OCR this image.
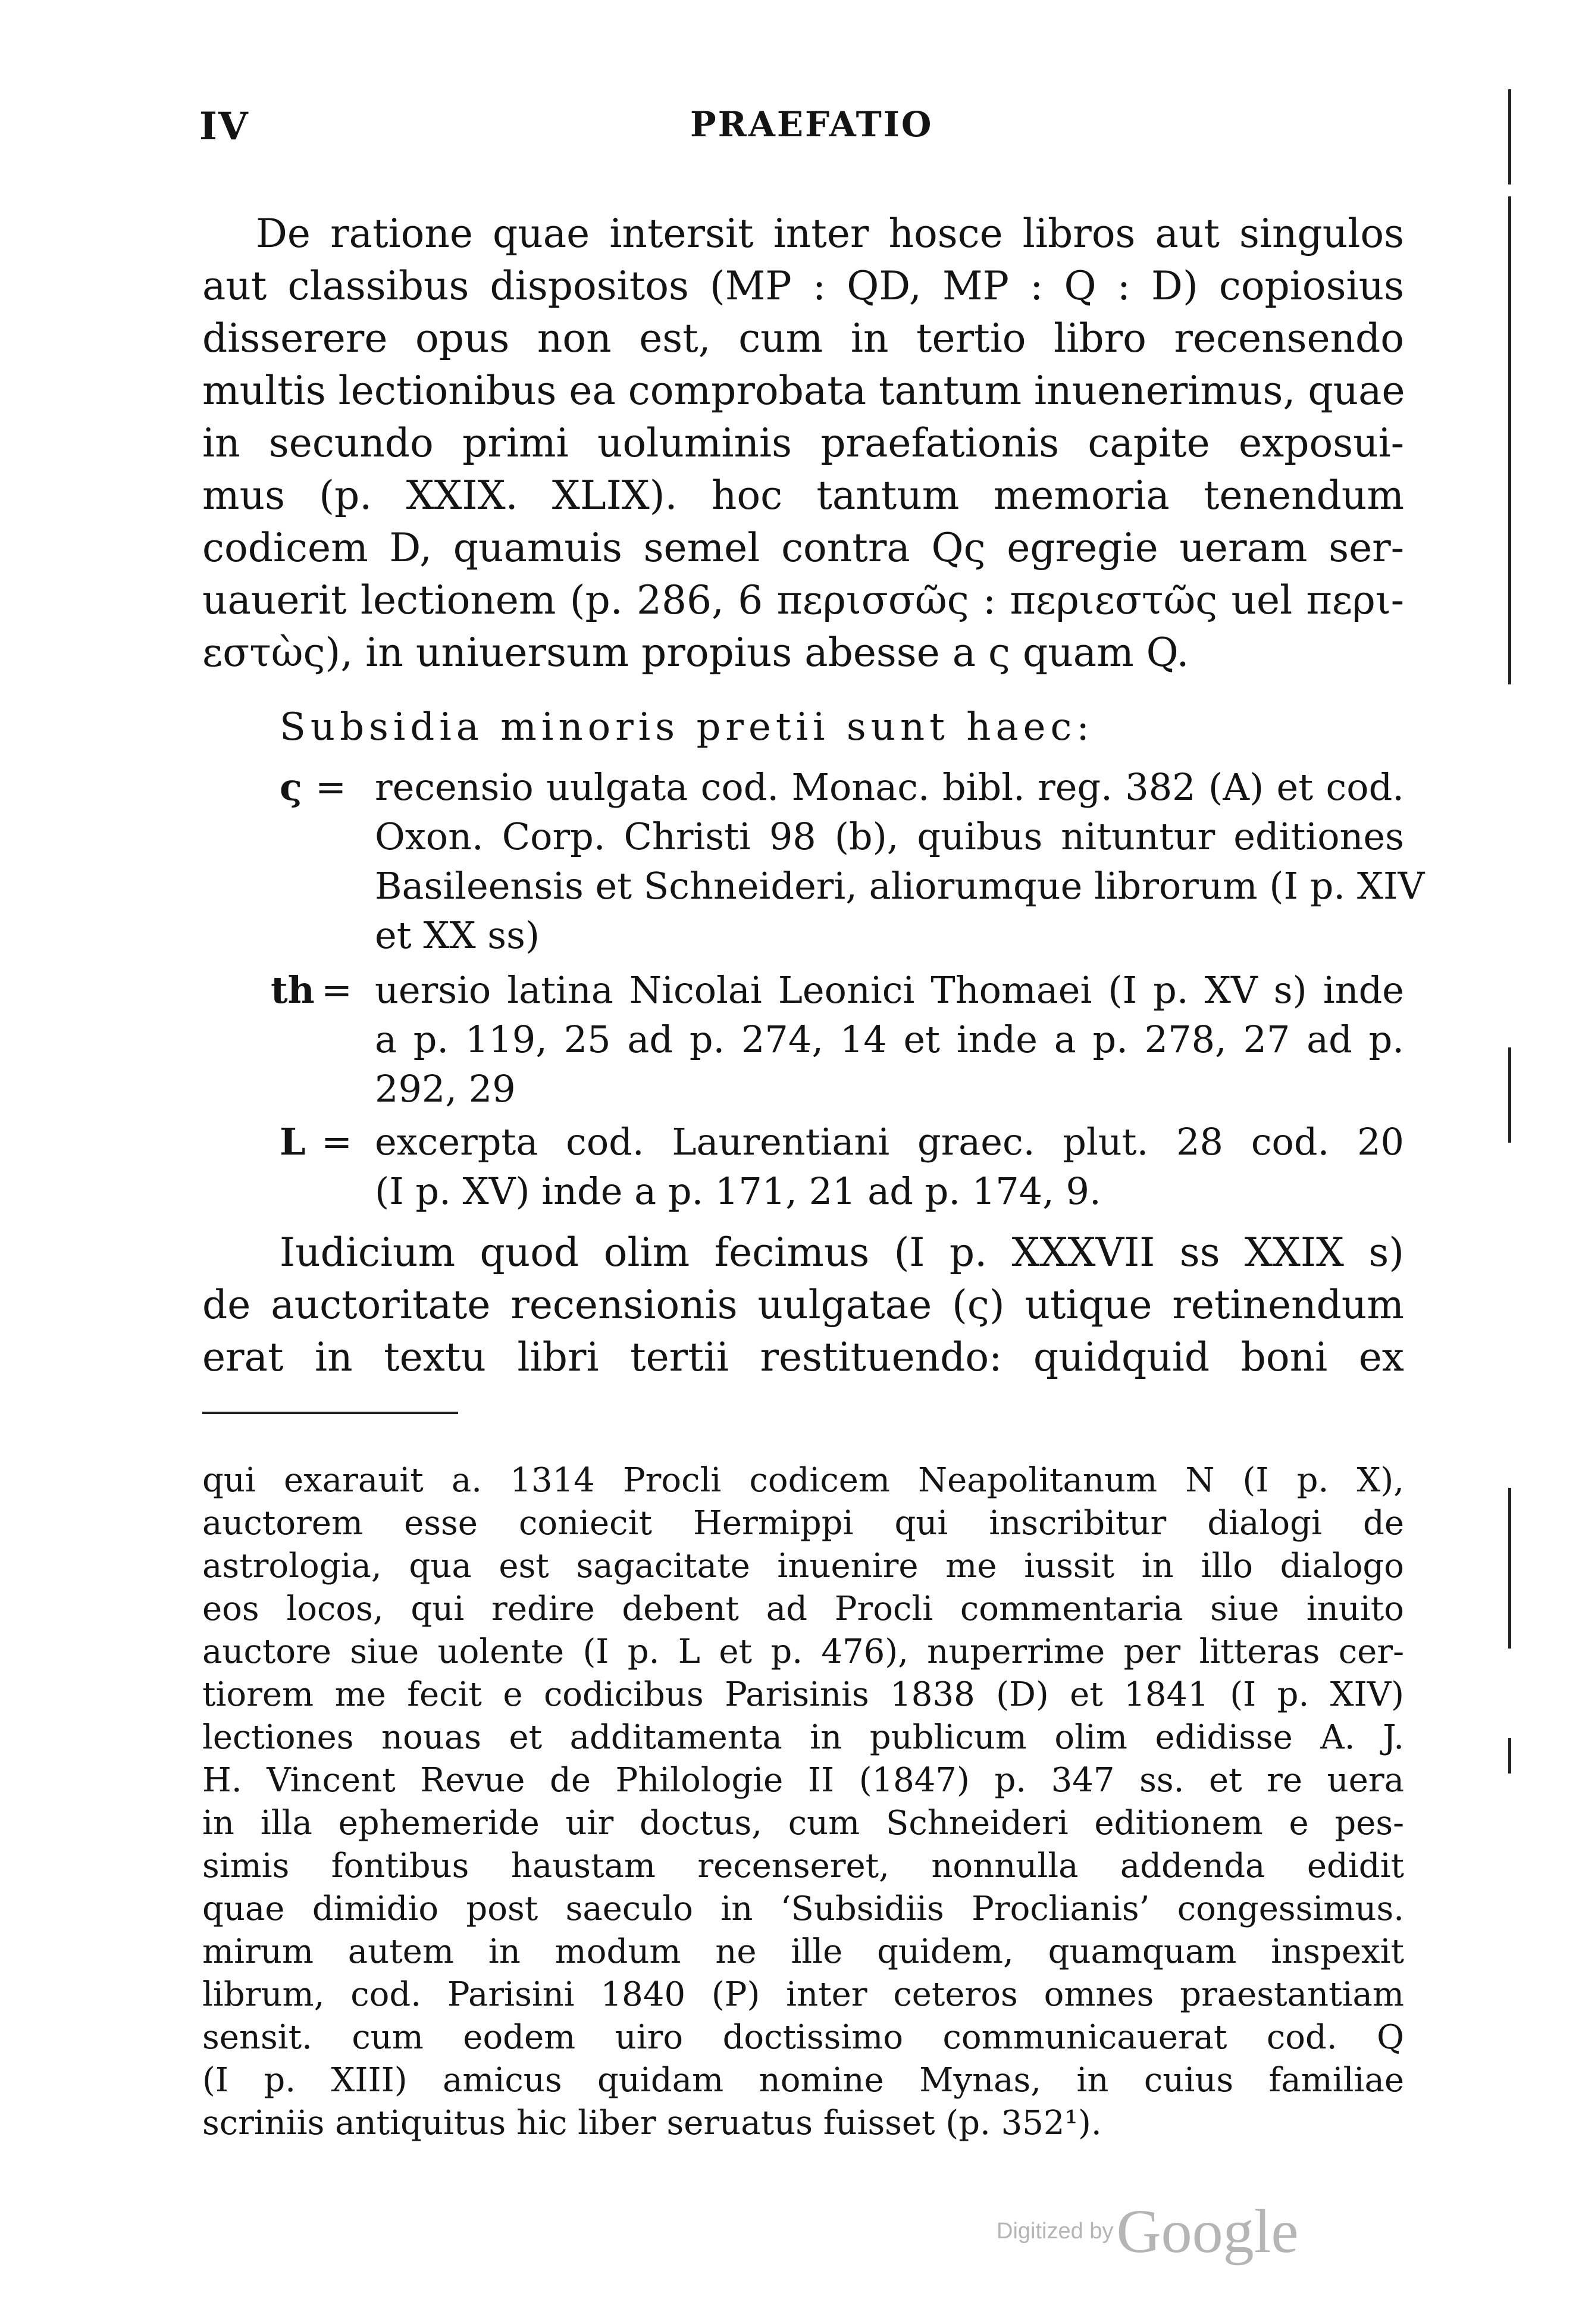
IV	PRAEFATIO
De ratione quae intersit inter hosce libros aut singulos
aut classibus dispositos (MP : QD, MP : Q : D) copiosius
disserere opus non est, cum in tertio libro recensendo
multis lectionibus ea comprobata tantum inuenerimus, quae
in secundo primi uoluminis praefationis capite exposui-
mus (p. XXIX. XLIX). hoc tantum memoria tenendum
codicem D, quamuis semel contra Qς egregie ueram ser-
uauerit lectionem (p. 286, 6 περισσῶς : περιεστῶς uel περι-
εστὼς), in uniuersum propius abesse a ς quam Q.
Subsidia minoris pretii sunt haec:
ς = recensio uulgata cod. Monac. bibl. reg. 382 (A) et cod.
Oxon. Corp. Christi 98 (b), quibus nituntur editiones
Basileensis et Schneideri, aliorumque librorum (I p. XIV
et XX ss)
th = uersio latina Nicolai Leonici Thomaei (I p. XV s) inde
a p. 119, 25 ad p. 274, 14 et inde a p. 278, 27 ad p.
292, 29
L = excerpta cod. Laurentiani graec. plut. 28 cod. 20
(I p. XV) inde a p. 171, 21 ad p. 174, 9.
Iudicium quod olim fecimus (I p. XXXVII ss XXIX s)
de auctoritate recensionis uulgatae (ς) utique retinendum
erat in textu libri tertii restituendo: quidquid boni ex
qui exarauit a. 1314 Procli codicem Neapolitanum N (I p. X),
auctorem esse coniecit Hermippi qui inscribitur dialogi de
astrologia, qua est sagacitate inuenire me iussit in illo dialogo
eos locos, qui redire debent ad Procli commentaria siue inuito
auctore siue uolente (I p. L et p. 476), nuperrime per litteras cer-
tiorem me fecit e codicibus Parisinis 1838 (D) et 1841 (I p. XIV)
lectiones nouas et additamenta in publicum olim edidisse A. J.
H. Vincent Revue de Philologie II (1847) p. 347 ss. et re uera
in illa ephemeride uir doctus, cum Schneideri editionem e pes-
simis fontibus haustam recenseret, nonnulla addenda edidit
quae dimidio post saeculo in ‘Subsidiis Proclianis’ congessimus.
mirum autem in modum ne ille quidem, quamquam inspexit
librum, cod. Parisini 1840 (P) inter ceteros omnes praestantiam
sensit. cum eodem uiro doctissimo communicauerat cod. Q
(I p. XIII) amicus quidam nomine Mynas, in cuius familiae
scriniis antiquitus hic liber seruatus fuisset (p. 352¹).
Digitized by Google
